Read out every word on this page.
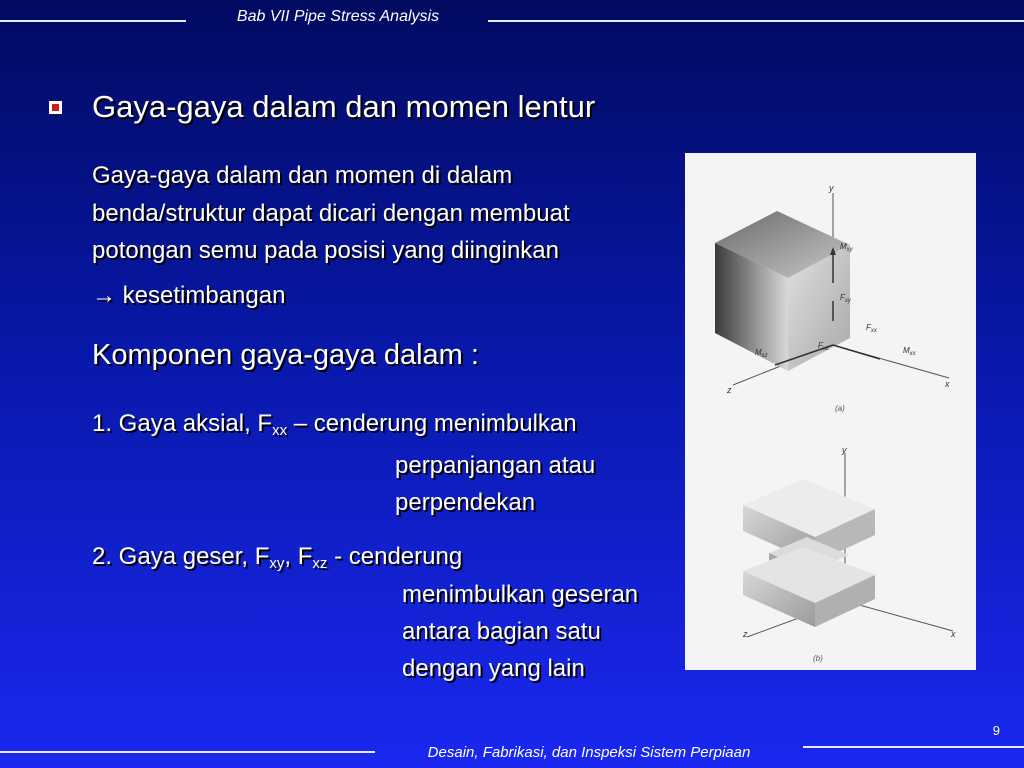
Bab VII Pipe Stress Analysis
Gaya-gaya dalam dan momen lentur
Gaya-gaya dalam dan momen di dalam
benda/struktur dapat dicari dengan membuat
potongan semu pada posisi yang diinginkan
→ kesetimbangan
Komponen gaya-gaya dalam :
1. Gaya aksial, $F_{xx}$ – cenderung menimbulkan
perpanjangan atau
perpendekan
2. Gaya geser, $F_{xy}$, $F_{xz}$ - cenderung
menimbulkan geseran
antara bagian satu
dengan yang lain
y
x
z
$M_{xy}$
$F_{xy}$
$F_{xx}$
$F_{xz}$
$M_{xz}$
$M_{xx}$
(a)
y
x
z
(b)
9
Desain, Fabrikasi, dan Inspeksi Sistem Perpiaan
